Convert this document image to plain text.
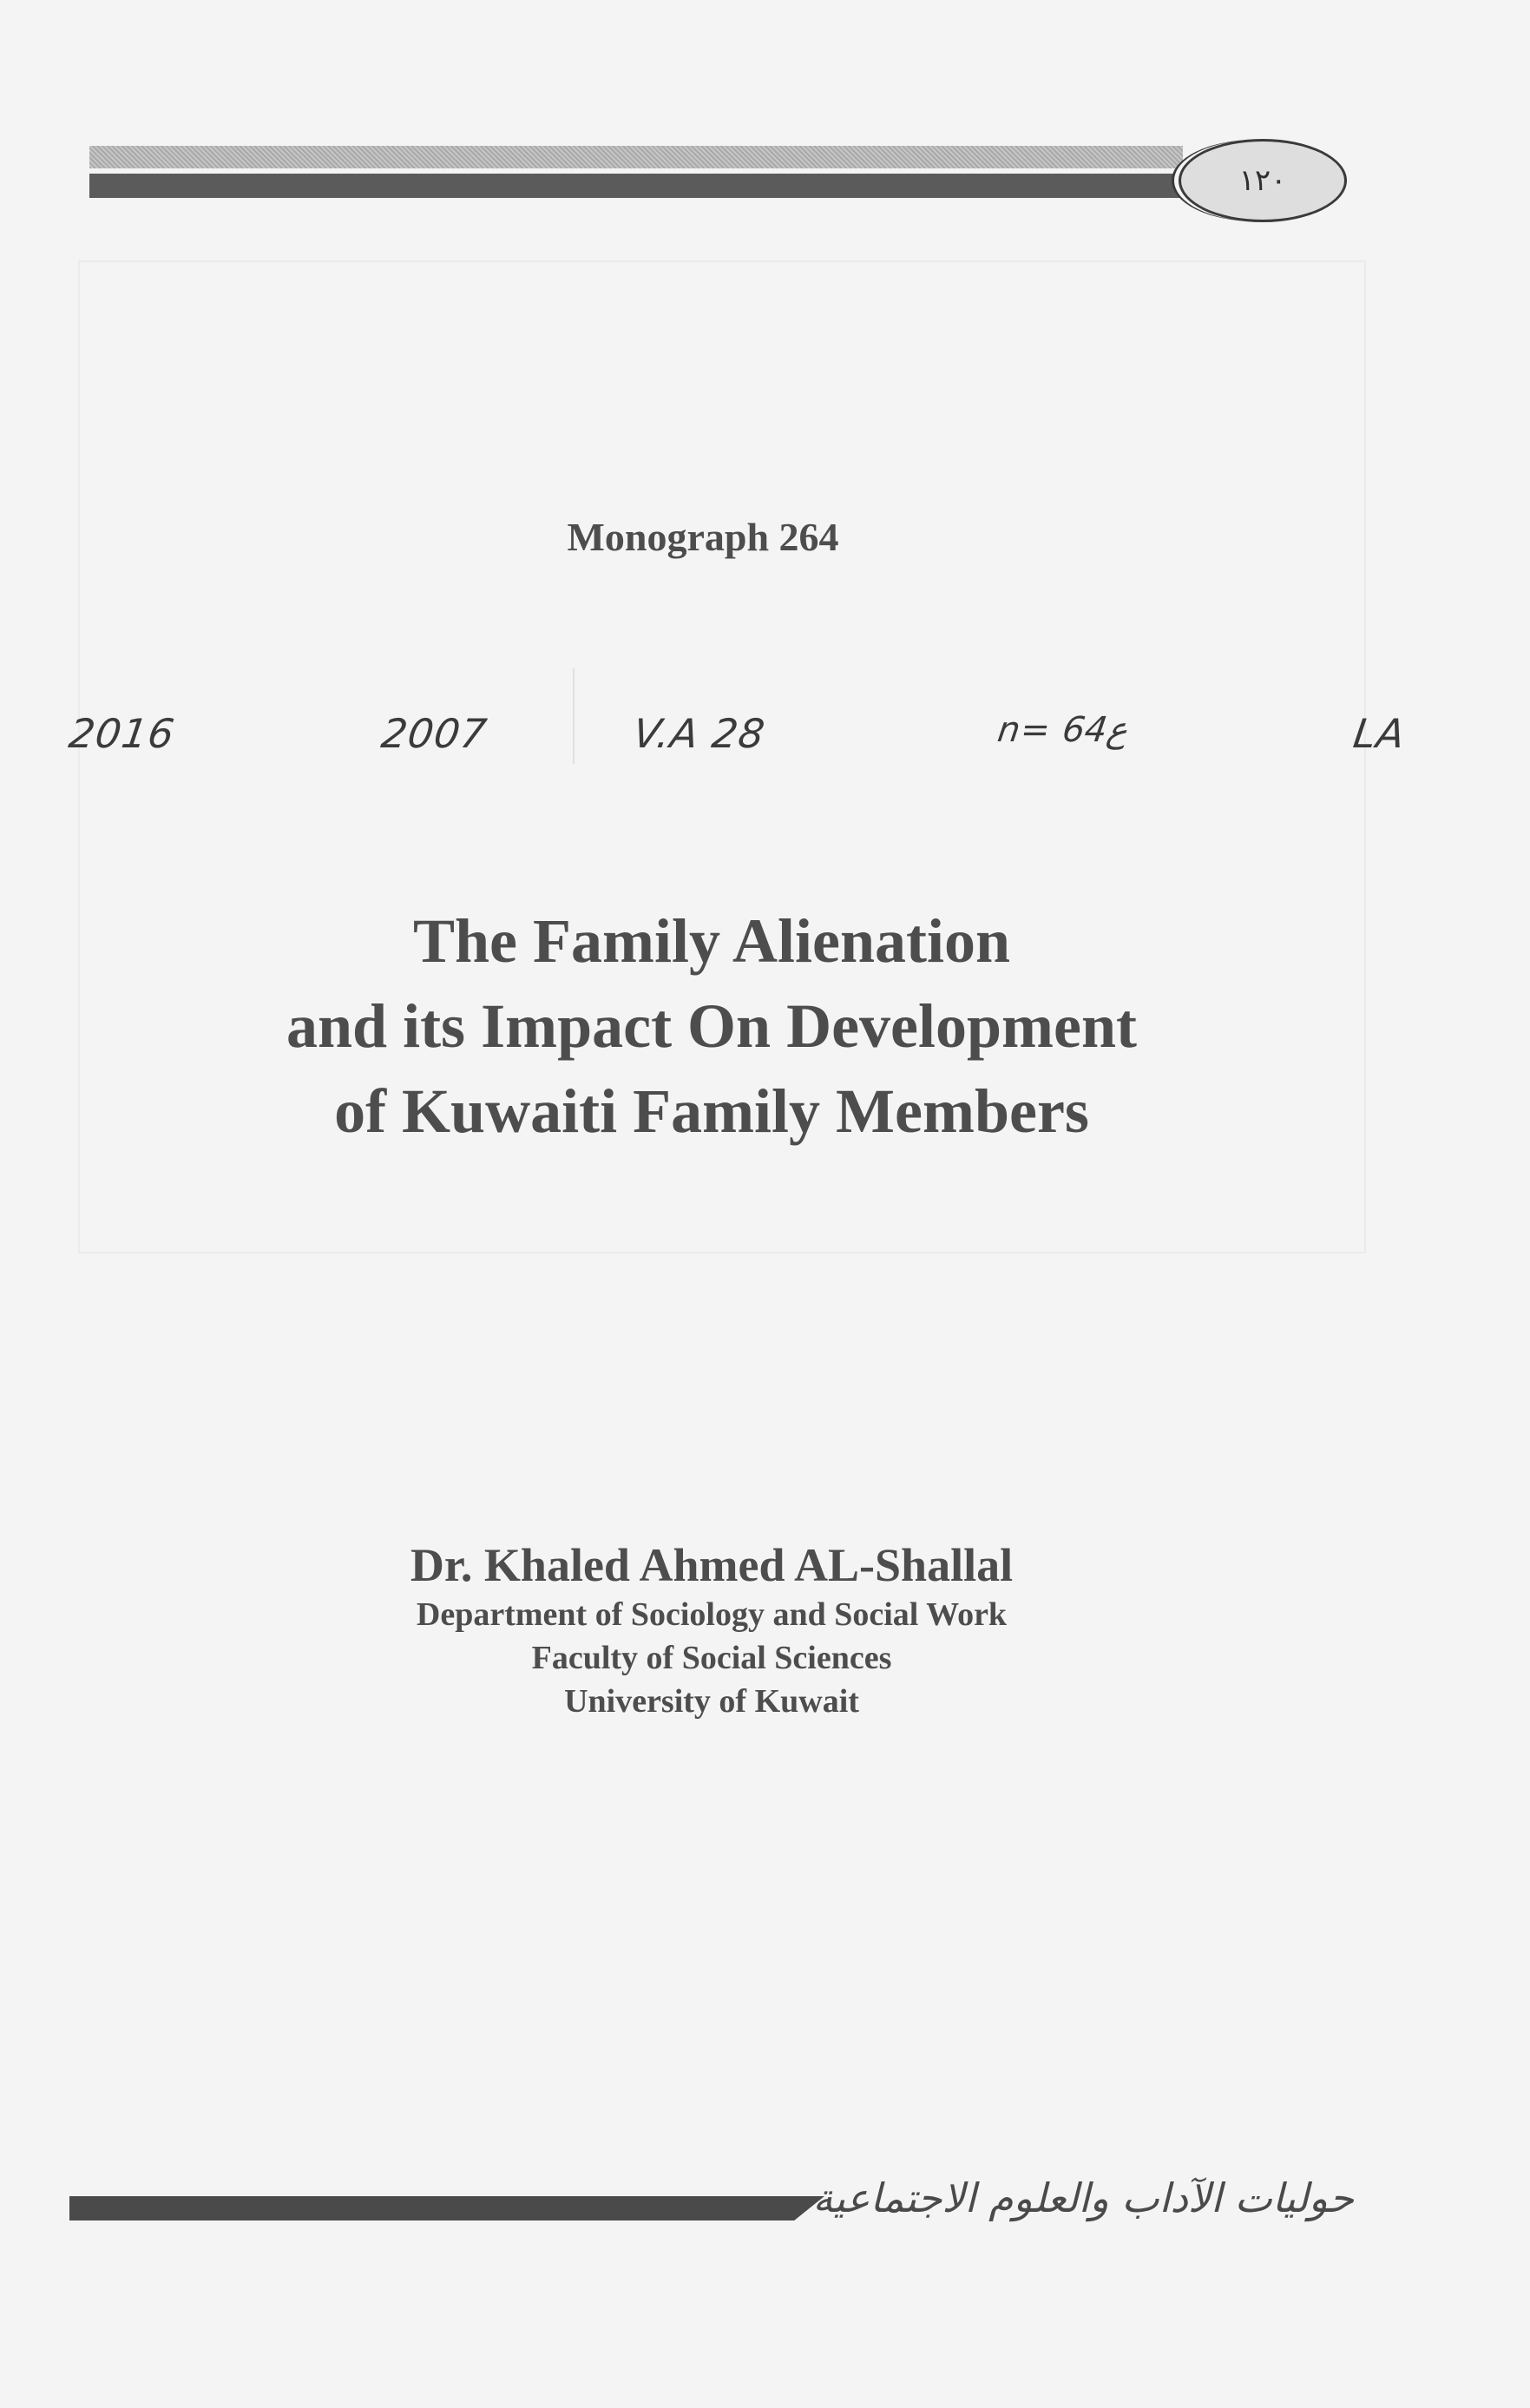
١٢٠
Monograph 264
2016	2007	V.A 28	n= ع64	LA
The Family Alienation
and its Impact On Development
of Kuwaiti Family Members
Dr. Khaled Ahmed AL-Shallal
Department of Sociology and Social Work
Faculty of Social Sciences
University of Kuwait
حوليات الآداب والعلوم الاجتماعية
